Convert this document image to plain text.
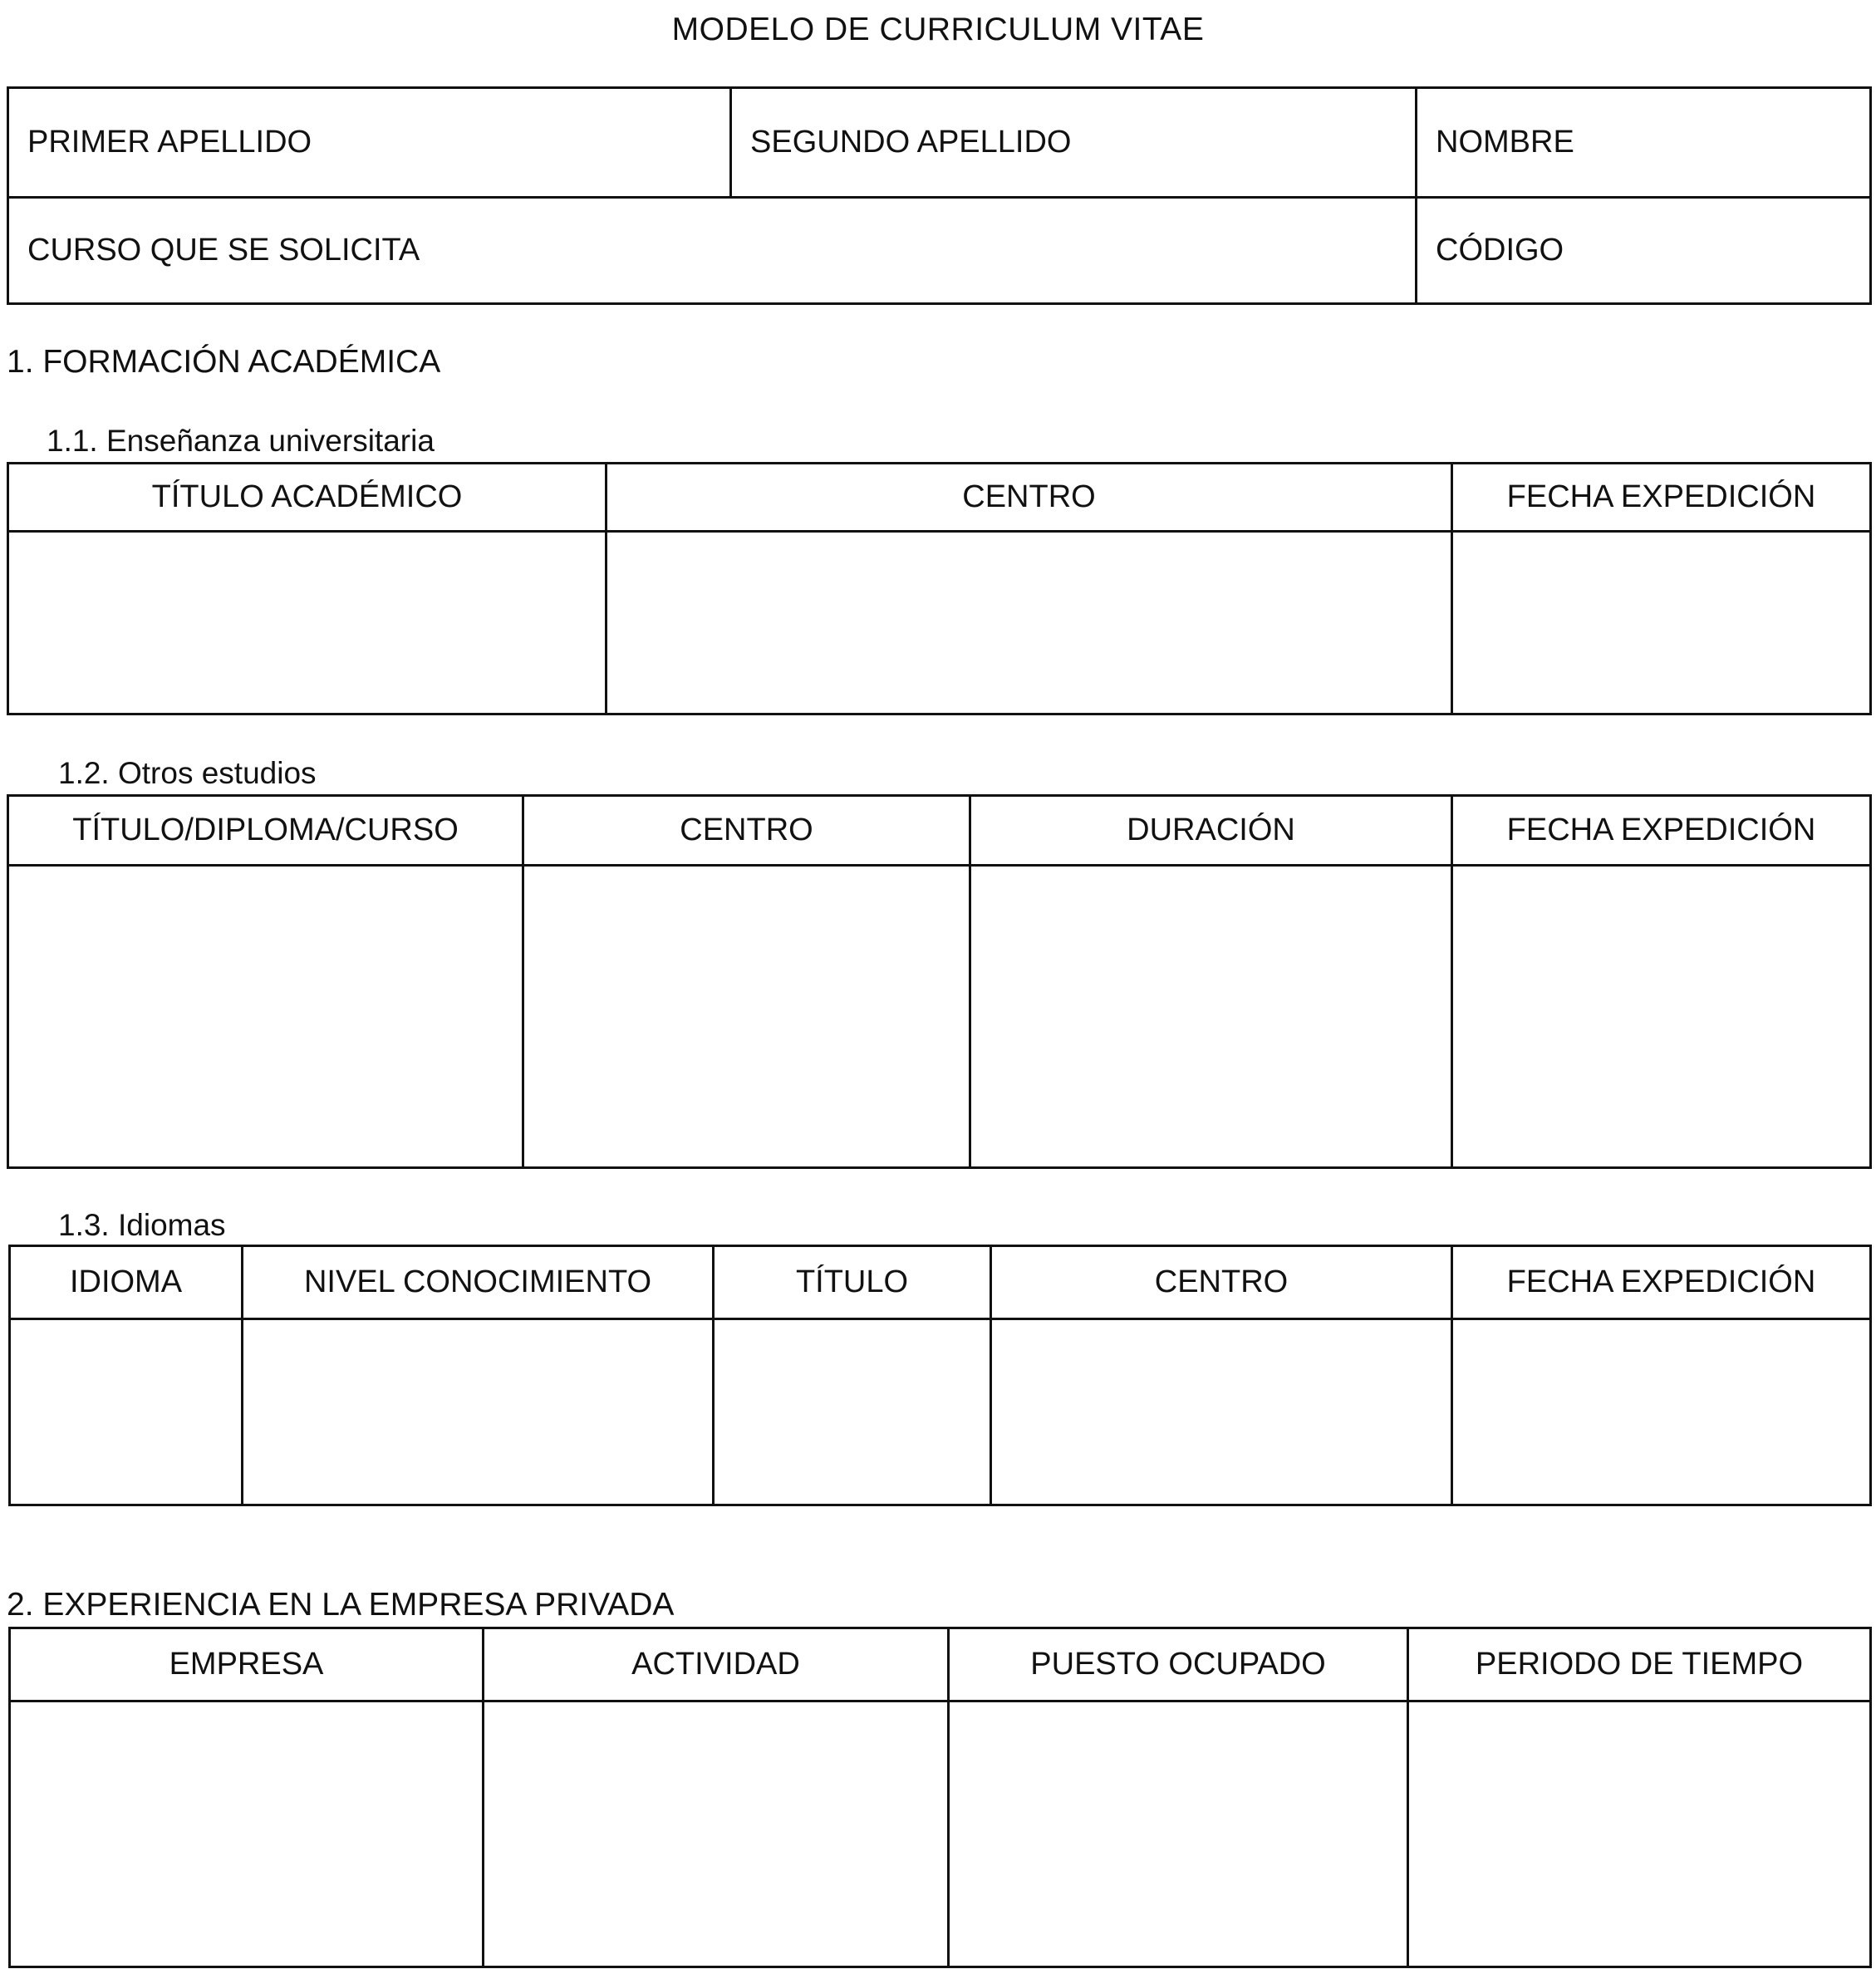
MODELO DE CURRICULUM VITAE
PRIMER APELLIDO	SEGUNDO APELLIDO	NOMBRE
CURSO QUE SE SOLICITA		CÓDIGO
1. FORMACIÓN ACADÉMICA
1.1. Enseñanza universitaria
TÍTULO ACADÉMICO	CENTRO	FECHA EXPEDICIÓN

1.2. Otros estudios
TÍTULO/DIPLOMA/CURSO	CENTRO	DURACIÓN	FECHA EXPEDICIÓN

1.3. Idiomas
IDIOMA	NIVEL CONOCIMIENTO	TÍTULO	CENTRO	FECHA EXPEDICIÓN

2. EXPERIENCIA EN LA EMPRESA PRIVADA
EMPRESA	ACTIVIDAD	PUESTO OCUPADO	PERIODO DE TIEMPO
